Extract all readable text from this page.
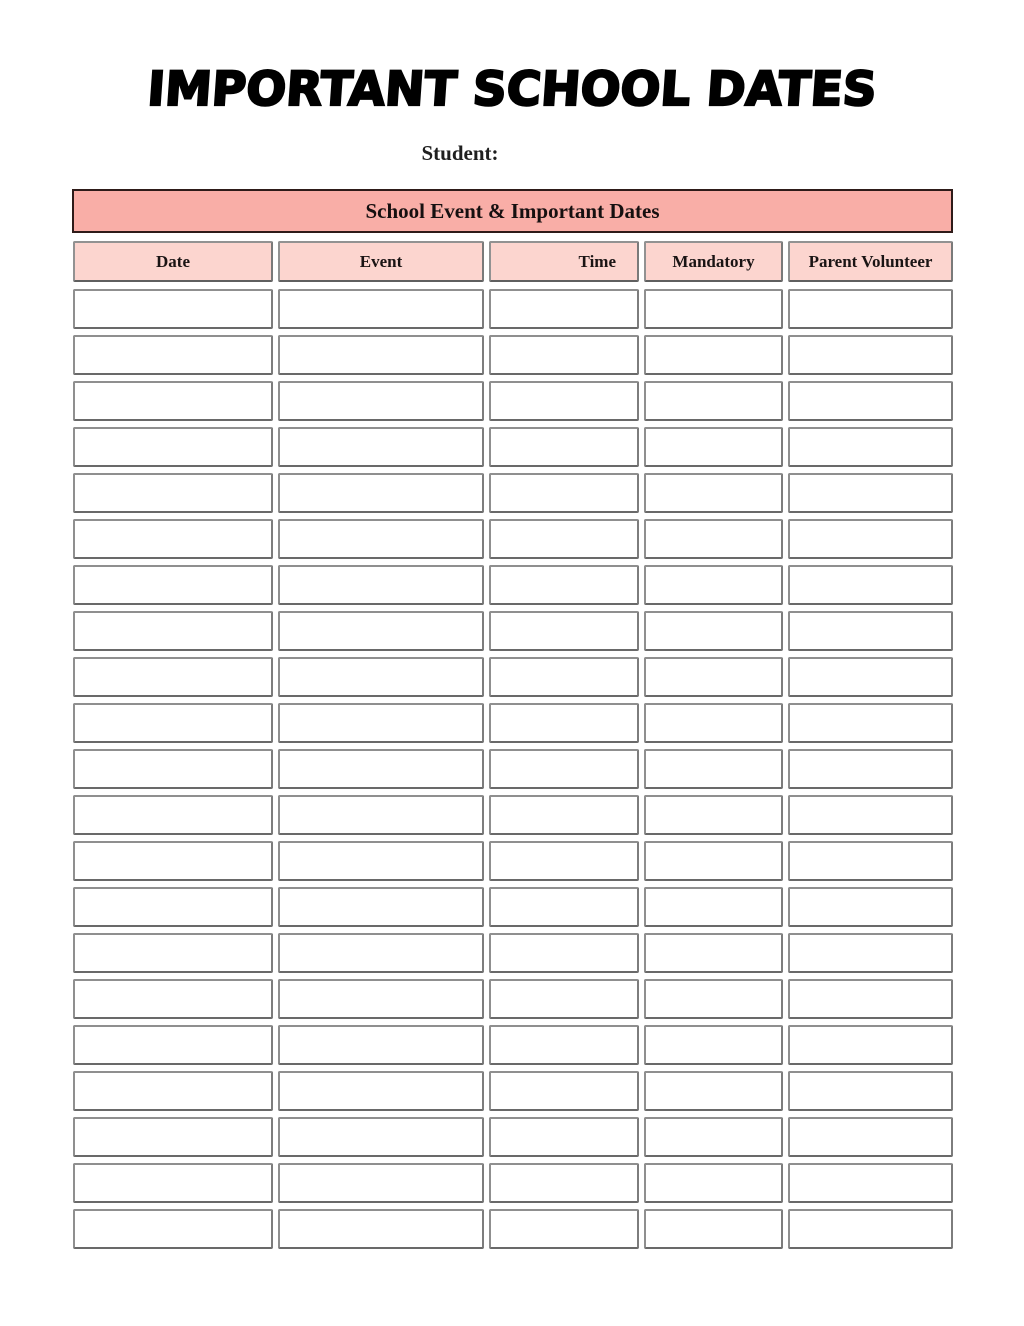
IMPORTANT SCHOOL DATES
Student:
School Event & Important Dates
Date	Event	Time	Mandatory	Parent Volunteer
